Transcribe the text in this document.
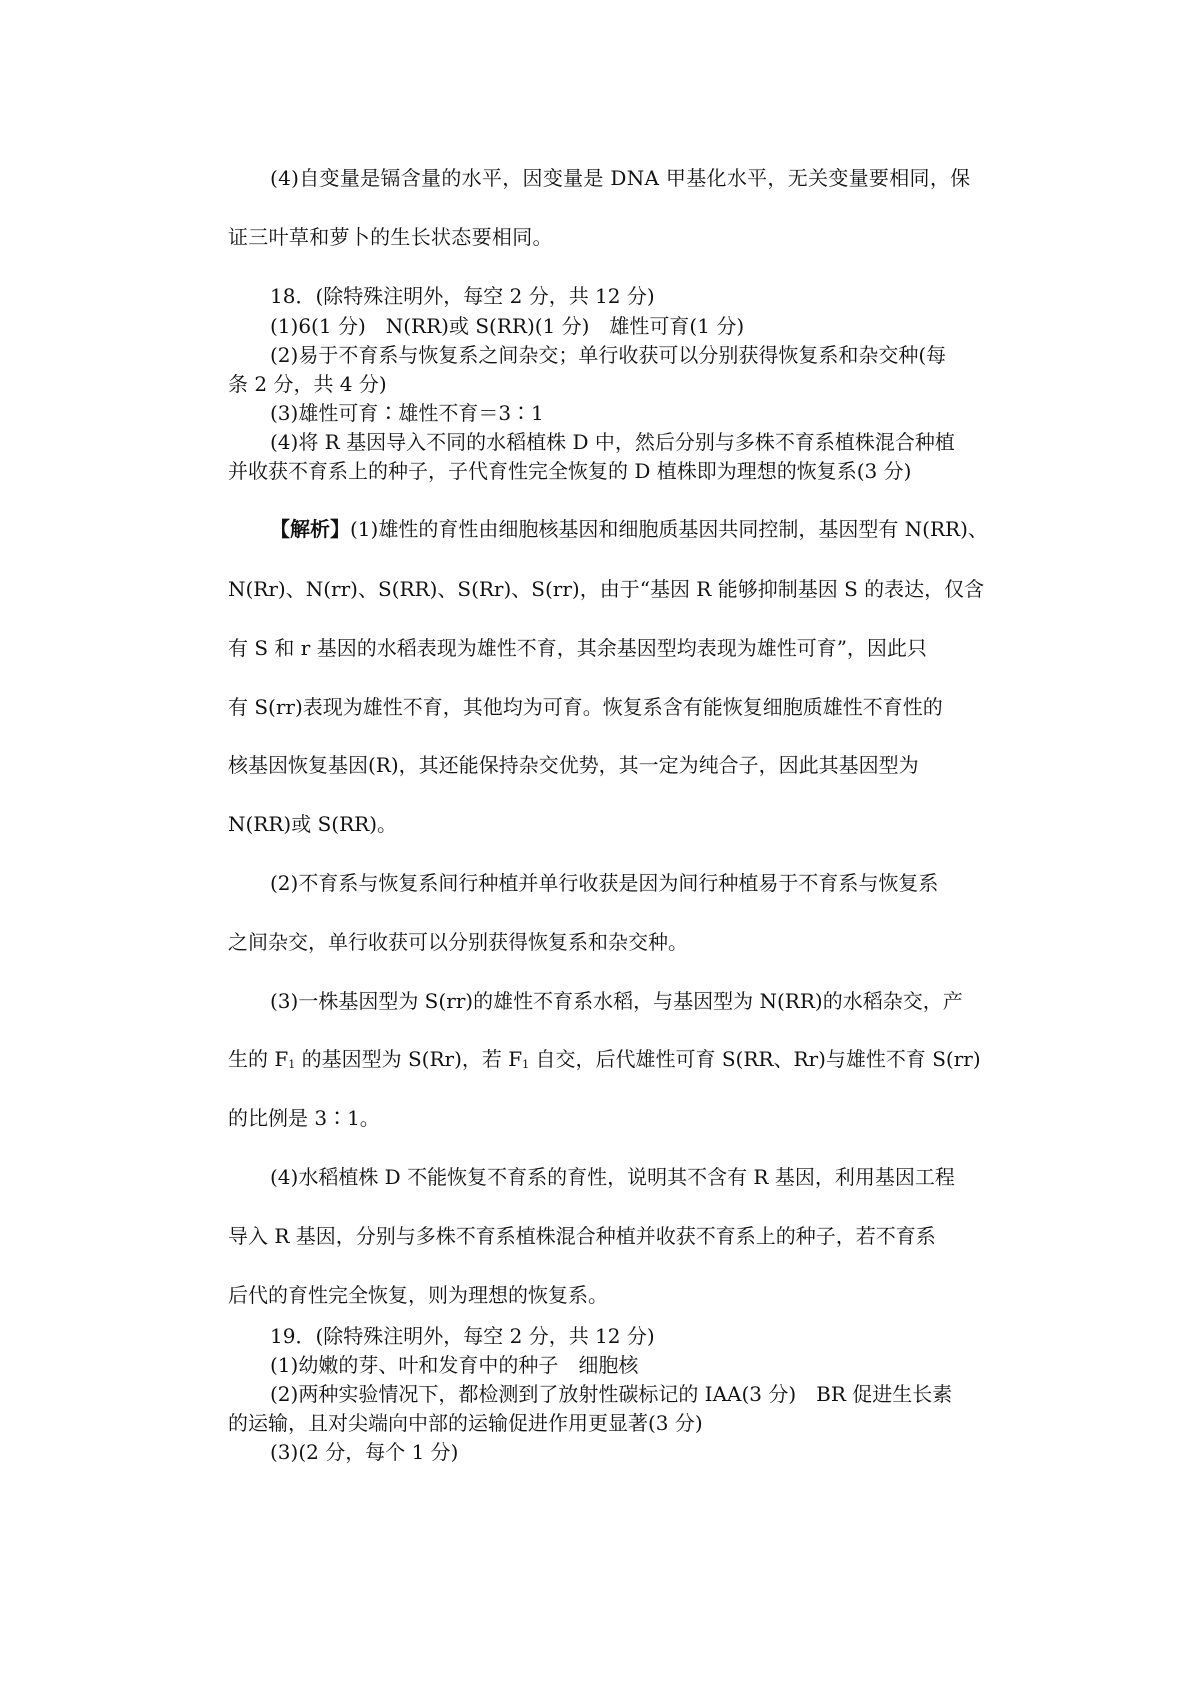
(4)自变量是镉含量的水平，因变量是 DNA 甲基化水平，无关变量要相同，保
证三叶草和萝卜的生长状态要相同。
18．(除特殊注明外，每空 2 分，共 12 分)
(1)6(1 分)　N(RR)或 S(RR)(1 分)　雄性可育(1 分)
(2)易于不育系与恢复系之间杂交；单行收获可以分别获得恢复系和杂交种(每
条 2 分，共 4 分)
(3)雄性可育∶雄性不育＝3∶1
(4)将 R 基因导入不同的水稻植株 D 中，然后分别与多株不育系植株混合种植
并收获不育系上的种子，子代育性完全恢复的 D 植株即为理想的恢复系(3 分)
【解析】(1)雄性的育性由细胞核基因和细胞质基因共同控制，基因型有 N(RR)、
N(Rr)、N(rr)、S(RR)、S(Rr)、S(rr)，由于“基因 R 能够抑制基因 S 的表达，仅含
有 S 和 r 基因的水稻表现为雄性不育，其余基因型均表现为雄性可育”，因此只
有 S(rr)表现为雄性不育，其他均为可育。恢复系含有能恢复细胞质雄性不育性的
核基因恢复基因(R)，其还能保持杂交优势，其一定为纯合子，因此其基因型为
N(RR)或 S(RR)。
(2)不育系与恢复系间行种植并单行收获是因为间行种植易于不育系与恢复系
之间杂交，单行收获可以分别获得恢复系和杂交种。
(3)一株基因型为 S(rr)的雄性不育系水稻，与基因型为 N(RR)的水稻杂交，产
生的 $F_1$ 的基因型为 S(Rr)，若 $F_1$ 自交，后代雄性可育 S(RR、Rr)与雄性不育 S(rr)
的比例是 3∶1。
(4)水稻植株 D 不能恢复不育系的育性，说明其不含有 R 基因，利用基因工程
导入 R 基因，分别与多株不育系植株混合种植并收获不育系上的种子，若不育系
后代的育性完全恢复，则为理想的恢复系。
19．(除特殊注明外，每空 2 分，共 12 分)
(1)幼嫩的芽、叶和发育中的种子　细胞核
(2)两种实验情况下，都检测到了放射性碳标记的 IAA(3 分)　BR 促进生长素
的运输，且对尖端向中部的运输促进作用更显著(3 分)
(3)(2 分，每个 1 分)
